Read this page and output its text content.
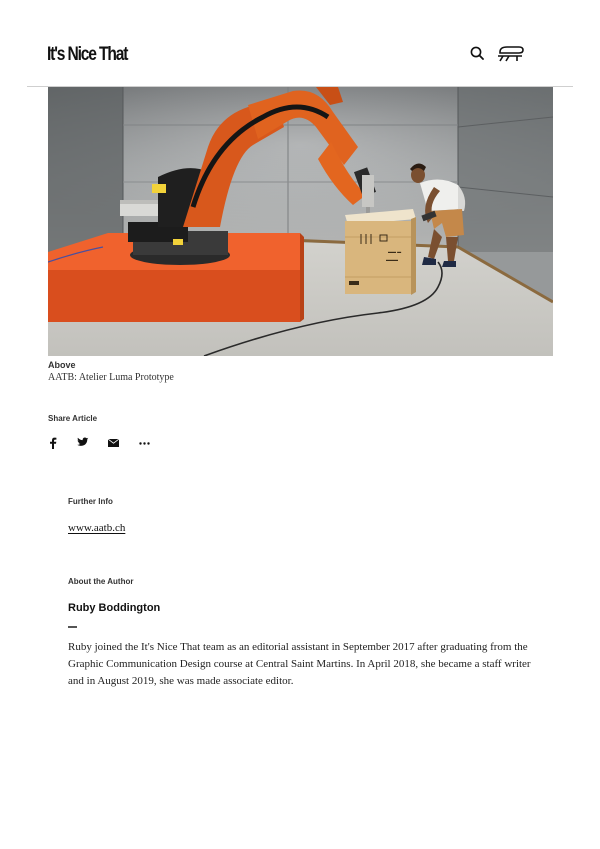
It's Nice That
▬▬ ▬
▬▬▬
Above
AATB: Atelier Luma Prototype
Share Article
Further Info
www.aatb.ch
About the Author
Ruby Boddington
Ruby joined the It's Nice That team as an editorial assistant in September 2017 after graduating from the Graphic Communication Design course at Central Saint Martins. In April 2018, she became a staff writer and in August 2019, she was made associate editor.
